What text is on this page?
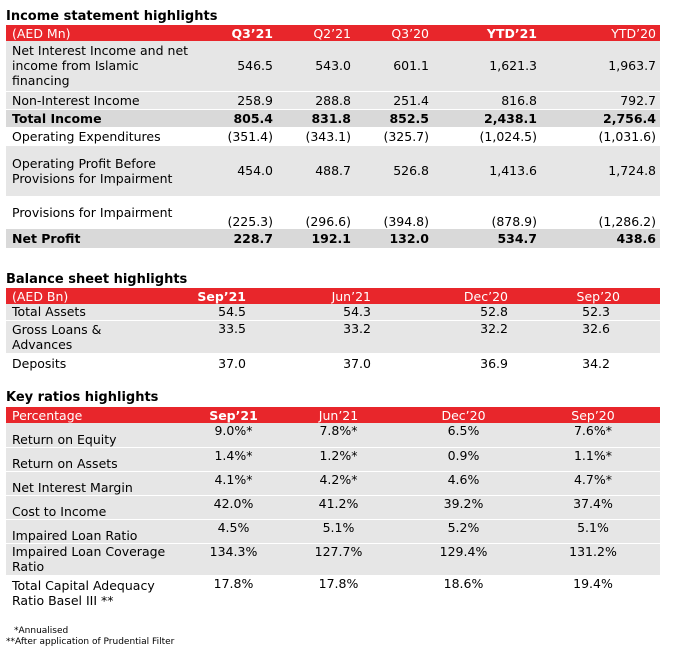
Income statement highlights
(AED Mn)	Q3’21	Q2’21	Q3’20	YTD’21	YTD’20
Net Interest Income and net income from Islamic financing	546.5	543.0	601.1	1,621.3	1,963.7
Non-Interest Income	258.9	288.8	251.4	816.8	792.7
Total Income	805.4	831.8	852.5	2,438.1	2,756.4
Operating Expenditures	(351.4)	(343.1)	(325.7)	(1,024.5)	(1,031.6)
Operating Profit Before Provisions for Impairment	454.0	488.7	526.8	1,413.6	1,724.8
Provisions for Impairment	(225.3)	(296.6)	(394.8)	(878.9)	(1,286.2)
Net Profit	228.7	192.1	132.0	534.7	438.6
Balance sheet highlights
(AED Bn)	Sep’21	Jun’21	Dec’20	Sep’20
Total Assets	54.5	54.3	52.8	52.3
Gross Loans & Advances	33.5	33.2	32.2	32.6
Deposits	37.0	37.0	36.9	34.2
Key ratios highlights
Percentage	Sep’21	Jun’21	Dec’20	Sep’20
Return on Equity	9.0%*	7.8%*	6.5%	7.6%*
Return on Assets	1.4%*	1.2%*	0.9%	1.1%*
Net Interest Margin	4.1%*	4.2%*	4.6%	4.7%*
Cost to Income	42.0%	41.2%	39.2%	37.4%
Impaired Loan Ratio	4.5%	5.1%	5.2%	5.1%
Impaired Loan Coverage Ratio	134.3%	127.7%	129.4%	131.2%
Total Capital Adequacy Ratio Basel III **	17.8%	17.8%	18.6%	19.4%
*Annualised
**After application of Prudential Filter
